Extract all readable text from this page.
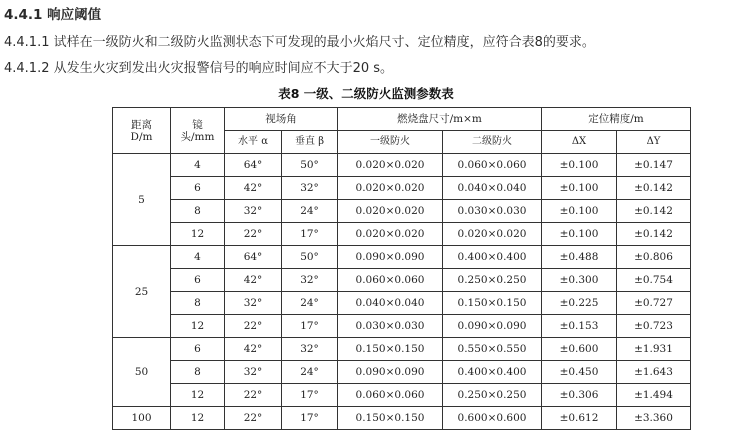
4.4.1 响应阈值
4.4.1.1 试样在一级防火和二级防火监测状态下可发现的最小火焰尺寸、定位精度，应符合表8的要求。
4.4.1.2 从发生火灾到发出火灾报警信号的响应时间应不大于20 s。
表8 一级、二级防火监测参数表
距离 D/m	镜头/mm	视场角		燃烧盘尺寸/m×m		定位精度/m	
		水平 α	垂直 β	一级防火	二级防火	ΔX	ΔY
5	4	64°	50°	0.020×0.020	0.060×0.060	±0.100	±0.147
	6	42°	32°	0.020×0.020	0.040×0.040	±0.100	±0.142
	8	32°	24°	0.020×0.020	0.030×0.030	±0.100	±0.142
	12	22°	17°	0.020×0.020	0.020×0.020	±0.100	±0.142
25	4	64°	50°	0.090×0.090	0.400×0.400	±0.488	±0.806
	6	42°	32°	0.060×0.060	0.250×0.250	±0.300	±0.754
	8	32°	24°	0.040×0.040	0.150×0.150	±0.225	±0.727
	12	22°	17°	0.030×0.030	0.090×0.090	±0.153	±0.723
50	6	42°	32°	0.150×0.150	0.550×0.550	±0.600	±1.931
	8	32°	24°	0.090×0.090	0.400×0.400	±0.450	±1.643
	12	22°	17°	0.060×0.060	0.250×0.250	±0.306	±1.494
100	12	22°	17°	0.150×0.150	0.600×0.600	±0.612	±3.360
